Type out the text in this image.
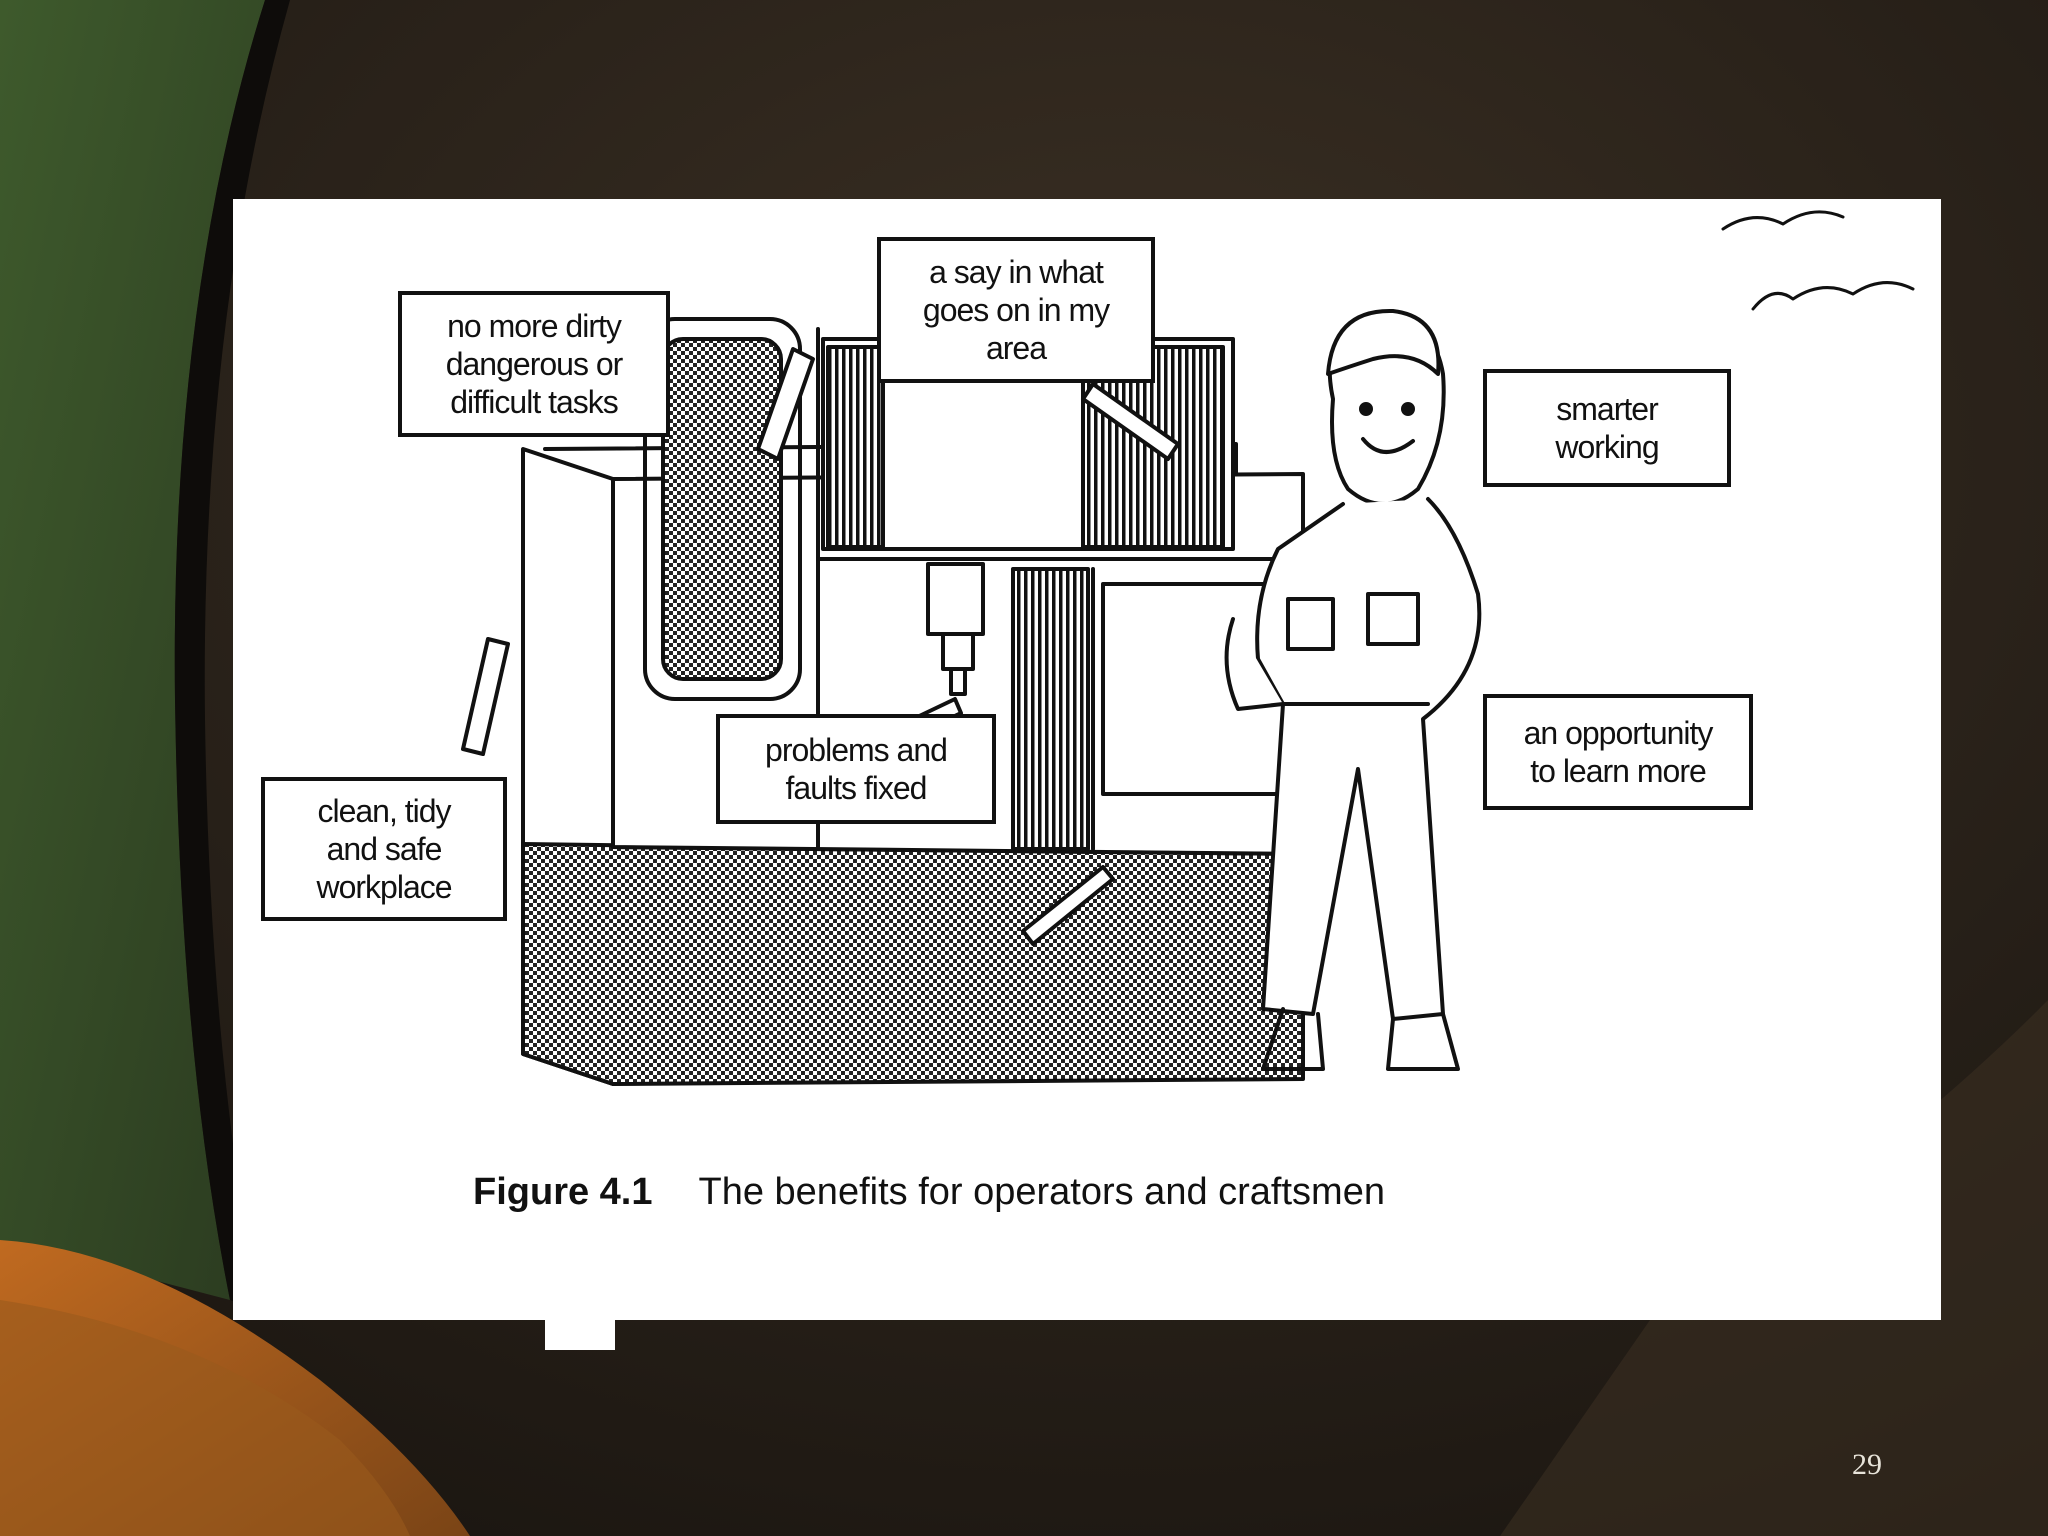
no more dirty
dangerous or
difficult tasks
a say in what
goes on in my
area
smarter
working
an opportunity
to learn more
problems and
faults fixed
clean, tidy
and safe
workplace
Figure 4.1 The benefits for operators and craftsmen
29
